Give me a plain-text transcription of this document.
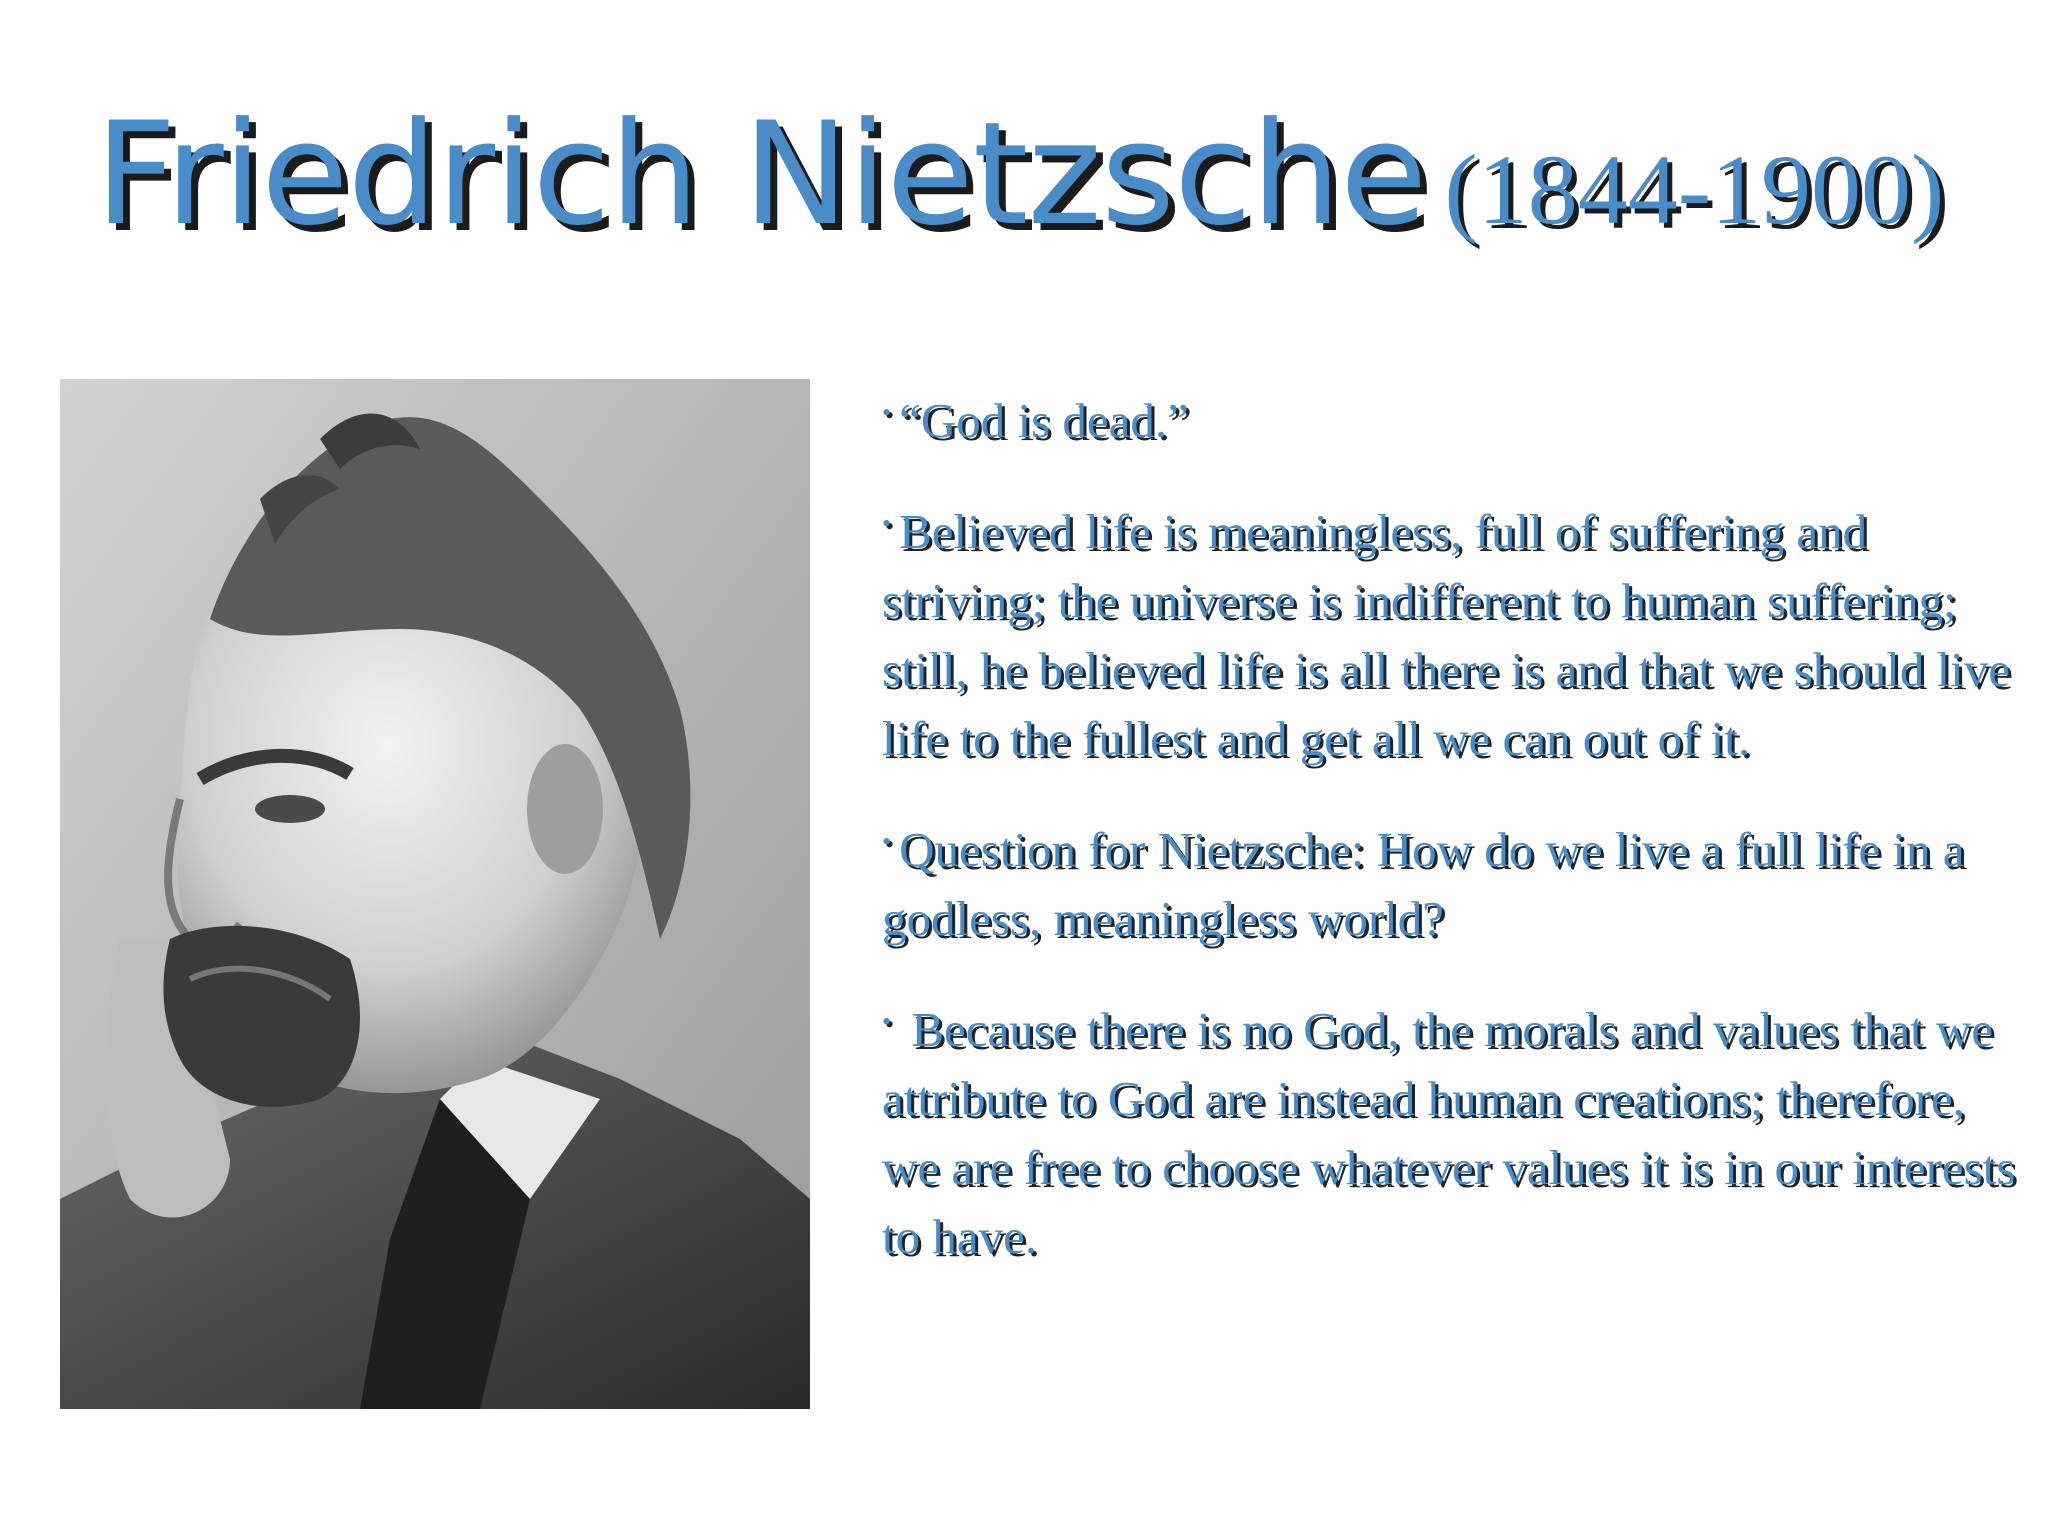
Friedrich Nietzsche (1844-1900)
• “God is dead.”
• Believed life is meaningless, full of suffering and striving; the universe is indifferent to human suffering; still, he believed life is all there is and that we should live life to the fullest and get all we can out of it.
• Question for Nietzsche: How do we live a full life in a godless, meaningless world?
• Because there is no God, the morals and values that we attribute to God are instead human creations; therefore, we are free to choose whatever values it is in our interests to have.
